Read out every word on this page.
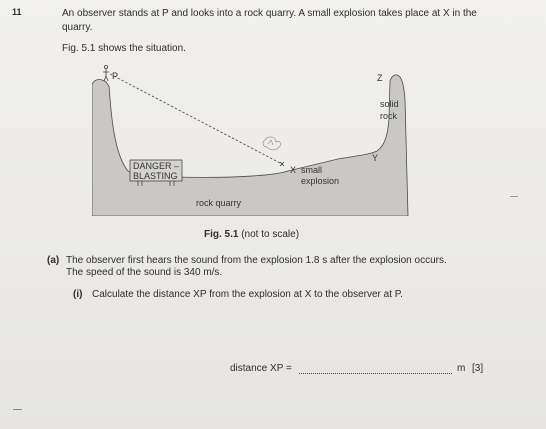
11	An observer stands at P and looks into a rock quarry. A small explosion takes place at X in the
quarry.
Fig. 5.1 shows the situation.
DANGER –
BLASTING
P	Z
solid
rock
Y
X small
explosion
rock quarry
Fig. 5.1 (not to scale)
(a) The observer first hears the sound from the explosion 1.8 s after the explosion occurs.
The speed of the sound is 340 m/s.
(i) Calculate the distance XP from the explosion at X to the observer at P.
distance XP =	m [3]
